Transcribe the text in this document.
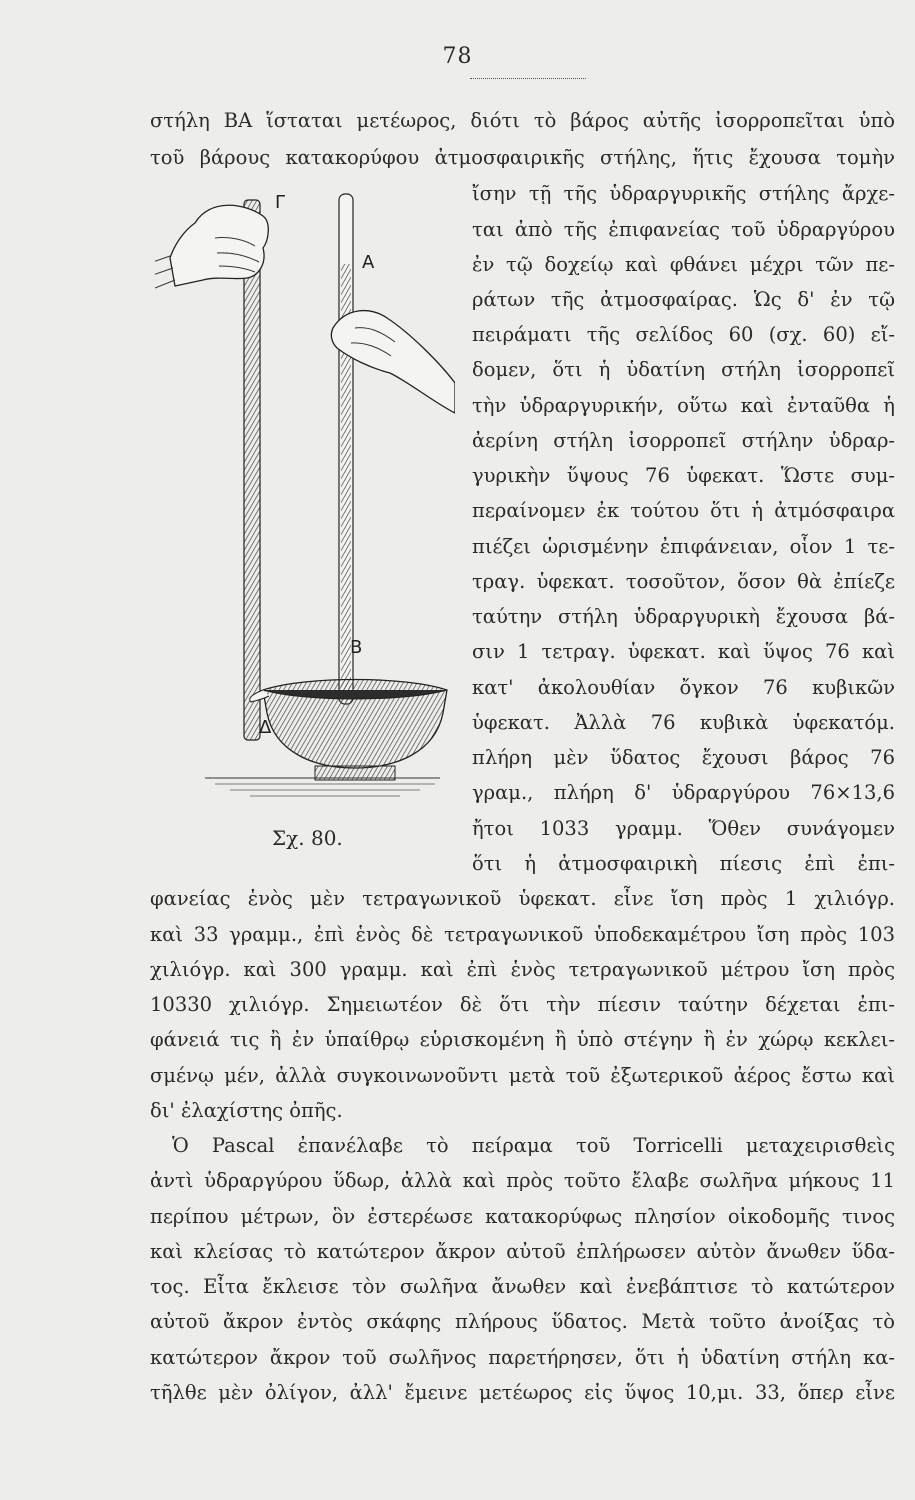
78
στήλη ΒΑ ἵσταται μετέωρος, διότι τὸ βάρος αὐτῆς ἰσορροπεῖται ὑπὸ
τοῦ βάρους κατακορύφου ἀτμοσφαιρικῆς στήλης, ἥτις ἔχουσα τομὴν
Γ
Α
Β
Δ
Σχ. 80.
ἴσην τῇ τῆς ὑδραργυρικῆς στήλης ἄρχε-
ται ἀπὸ τῆς ἐπιφανείας τοῦ ὑδραργύρου
ἐν τῷ δοχείῳ καὶ φθάνει μέχρι τῶν πε-
ράτων τῆς ἀτμοσφαίρας. Ὡς δ' ἐν τῷ
πειράματι τῆς σελίδος 60 (σχ. 60) εἴ-
δομεν, ὅτι ἡ ὑδατίνη στήλη ἰσορροπεῖ
τὴν ὑδραργυρικήν, οὕτω καὶ ἐνταῦθα ἡ
ἀερίνη στήλη ἰσορροπεῖ στήλην ὑδραρ-
γυρικὴν ὕψους 76 ὑφεκατ. Ὥστε συμ-
περαίνομεν ἐκ τούτου ὅτι ἡ ἀτμόσφαιρα
πιέζει ὡρισμένην ἐπιφάνειαν, οἷον 1 τε-
τραγ. ὑφεκατ. τοσοῦτον, ὅσον θὰ ἐπίεζε
ταύτην στήλη ὑδραργυρικὴ ἔχουσα βά-
σιν 1 τετραγ. ὑφεκατ. καὶ ὕψος 76 καὶ
κατ' ἀκολουθίαν ὄγκον 76 κυβικῶν
ὑφεκατ. Ἀλλὰ 76 κυβικὰ ὑφεκατόμ.
πλήρη μὲν ὕδατος ἔχουσι βάρος 76
γραμ., πλήρη δ' ὑδραργύρου 76×13,6
ἤτοι 1033 γραμμ. Ὅθεν συνάγομεν
ὅτι ἡ ἀτμοσφαιρικὴ πίεσις ἐπὶ ἐπι-
φανείας ἑνὸς μὲν τετραγωνικοῦ ὑφεκατ. εἶνε ἴση πρὸς 1 χιλιόγρ.
καὶ 33 γραμμ., ἐπὶ ἑνὸς δὲ τετραγωνικοῦ ὑποδεκαμέτρου ἴση πρὸς 103
χιλιόγρ. καὶ 300 γραμμ. καὶ ἐπὶ ἑνὸς τετραγωνικοῦ μέτρου ἴση πρὸς
10330 χιλιόγρ. Σημειωτέον δὲ ὅτι τὴν πίεσιν ταύτην δέχεται ἐπι-
φάνειά τις ἢ ἐν ὑπαίθρῳ εὑρισκομένη ἢ ὑπὸ στέγην ἢ ἐν χώρῳ κεκλει-
σμένῳ μέν, ἀλλὰ συγκοινωνοῦντι μετὰ τοῦ ἐξωτερικοῦ ἀέρος ἔστω καὶ
δι' ἐλαχίστης ὀπῆς.
Ὁ Pascal ἐπανέλαβε τὸ πείραμα τοῦ Torricelli μεταχειρισθεὶς
ἀντὶ ὑδραργύρου ὕδωρ, ἀλλὰ καὶ πρὸς τοῦτο ἔλαβε σωλῆνα μήκους 11
περίπου μέτρων, ὃν ἐστερέωσε κατακορύφως πλησίον οἰκοδομῆς τινος
καὶ κλείσας τὸ κατώτερον ἄκρον αὐτοῦ ἐπλήρωσεν αὐτὸν ἄνωθεν ὕδα-
τος. Εἶτα ἔκλεισε τὸν σωλῆνα ἄνωθεν καὶ ἐνεβάπτισε τὸ κατώτερον
αὐτοῦ ἄκρον ἐντὸς σκάφης πλήρους ὕδατος. Μετὰ τοῦτο ἀνοίξας τὸ
κατώτερον ἄκρον τοῦ σωλῆνος παρετήρησεν, ὅτι ἡ ὑδατίνη στήλη κα-
τῆλθε μὲν ὀλίγον, ἀλλ' ἔμεινε μετέωρος εἰς ὕψος 10,μι. 33, ὅπερ εἶνε
